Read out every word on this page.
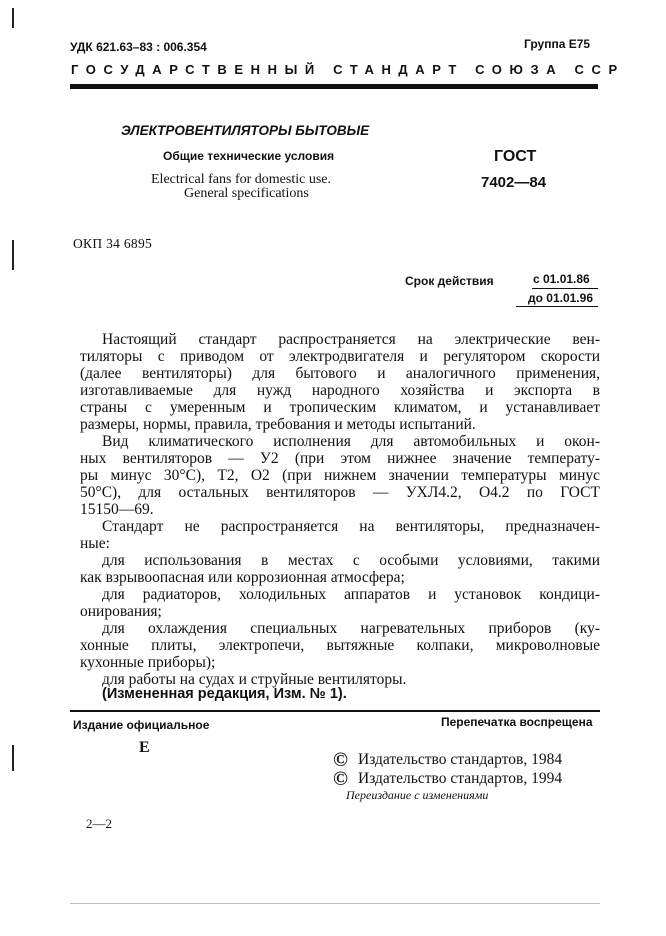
УДК 621.63–83 : 006.354	Группа Е75
ГОСУДАРСТВЕННЫЙ СТАНДАРТ СОЮЗА ССР
ЭЛЕКТРОВЕНТИЛЯТОРЫ БЫТОВЫЕ
Общие технические условия
Electrical fans for domestic use.
General specifications
ГОСТ
7402—84
ОКП 34 6895
Срок действия	с 01.01.86
до 01.01.96
Настоящий стандарт распространяется на электрические вен-
тиляторы с приводом от электродвигателя и регулятором скорости
(далее вентиляторы) для бытового и аналогичного применения,
изготавливаемые для нужд народного хозяйства и экспорта в
страны с умеренным и тропическим климатом, и устанавливает
размеры, нормы, правила, требования и методы испытаний.
Вид климатического исполнения для автомобильных и окон-
ных вентиляторов — У2 (при этом нижнее значение температу-
ры минус 30°С), Т2, О2 (при нижнем значении температуры минус
50°С), для остальных вентиляторов — УХЛ4.2, О4.2 по ГОСТ
15150—69.
Стандарт не распространяется на вентиляторы, предназначен-
ные:
для использования в местах с особыми условиями, такими
как взрывоопасная или коррозионная атмосфера;
для радиаторов, холодильных аппаратов и установок кондици-
онирования;
для охлаждения специальных нагревательных приборов (ку-
хонные плиты, электропечи, вытяжные колпаки, микроволновые
кухонные приборы);
для работы на судах и струйные вентиляторы.
(Измененная редакция, Изм. № 1).
Издание официальное	Перепечатка воспрещена
Е
© Издательство стандартов, 1984
© Издательство стандартов, 1994
Переиздание с изменениями
2—2
